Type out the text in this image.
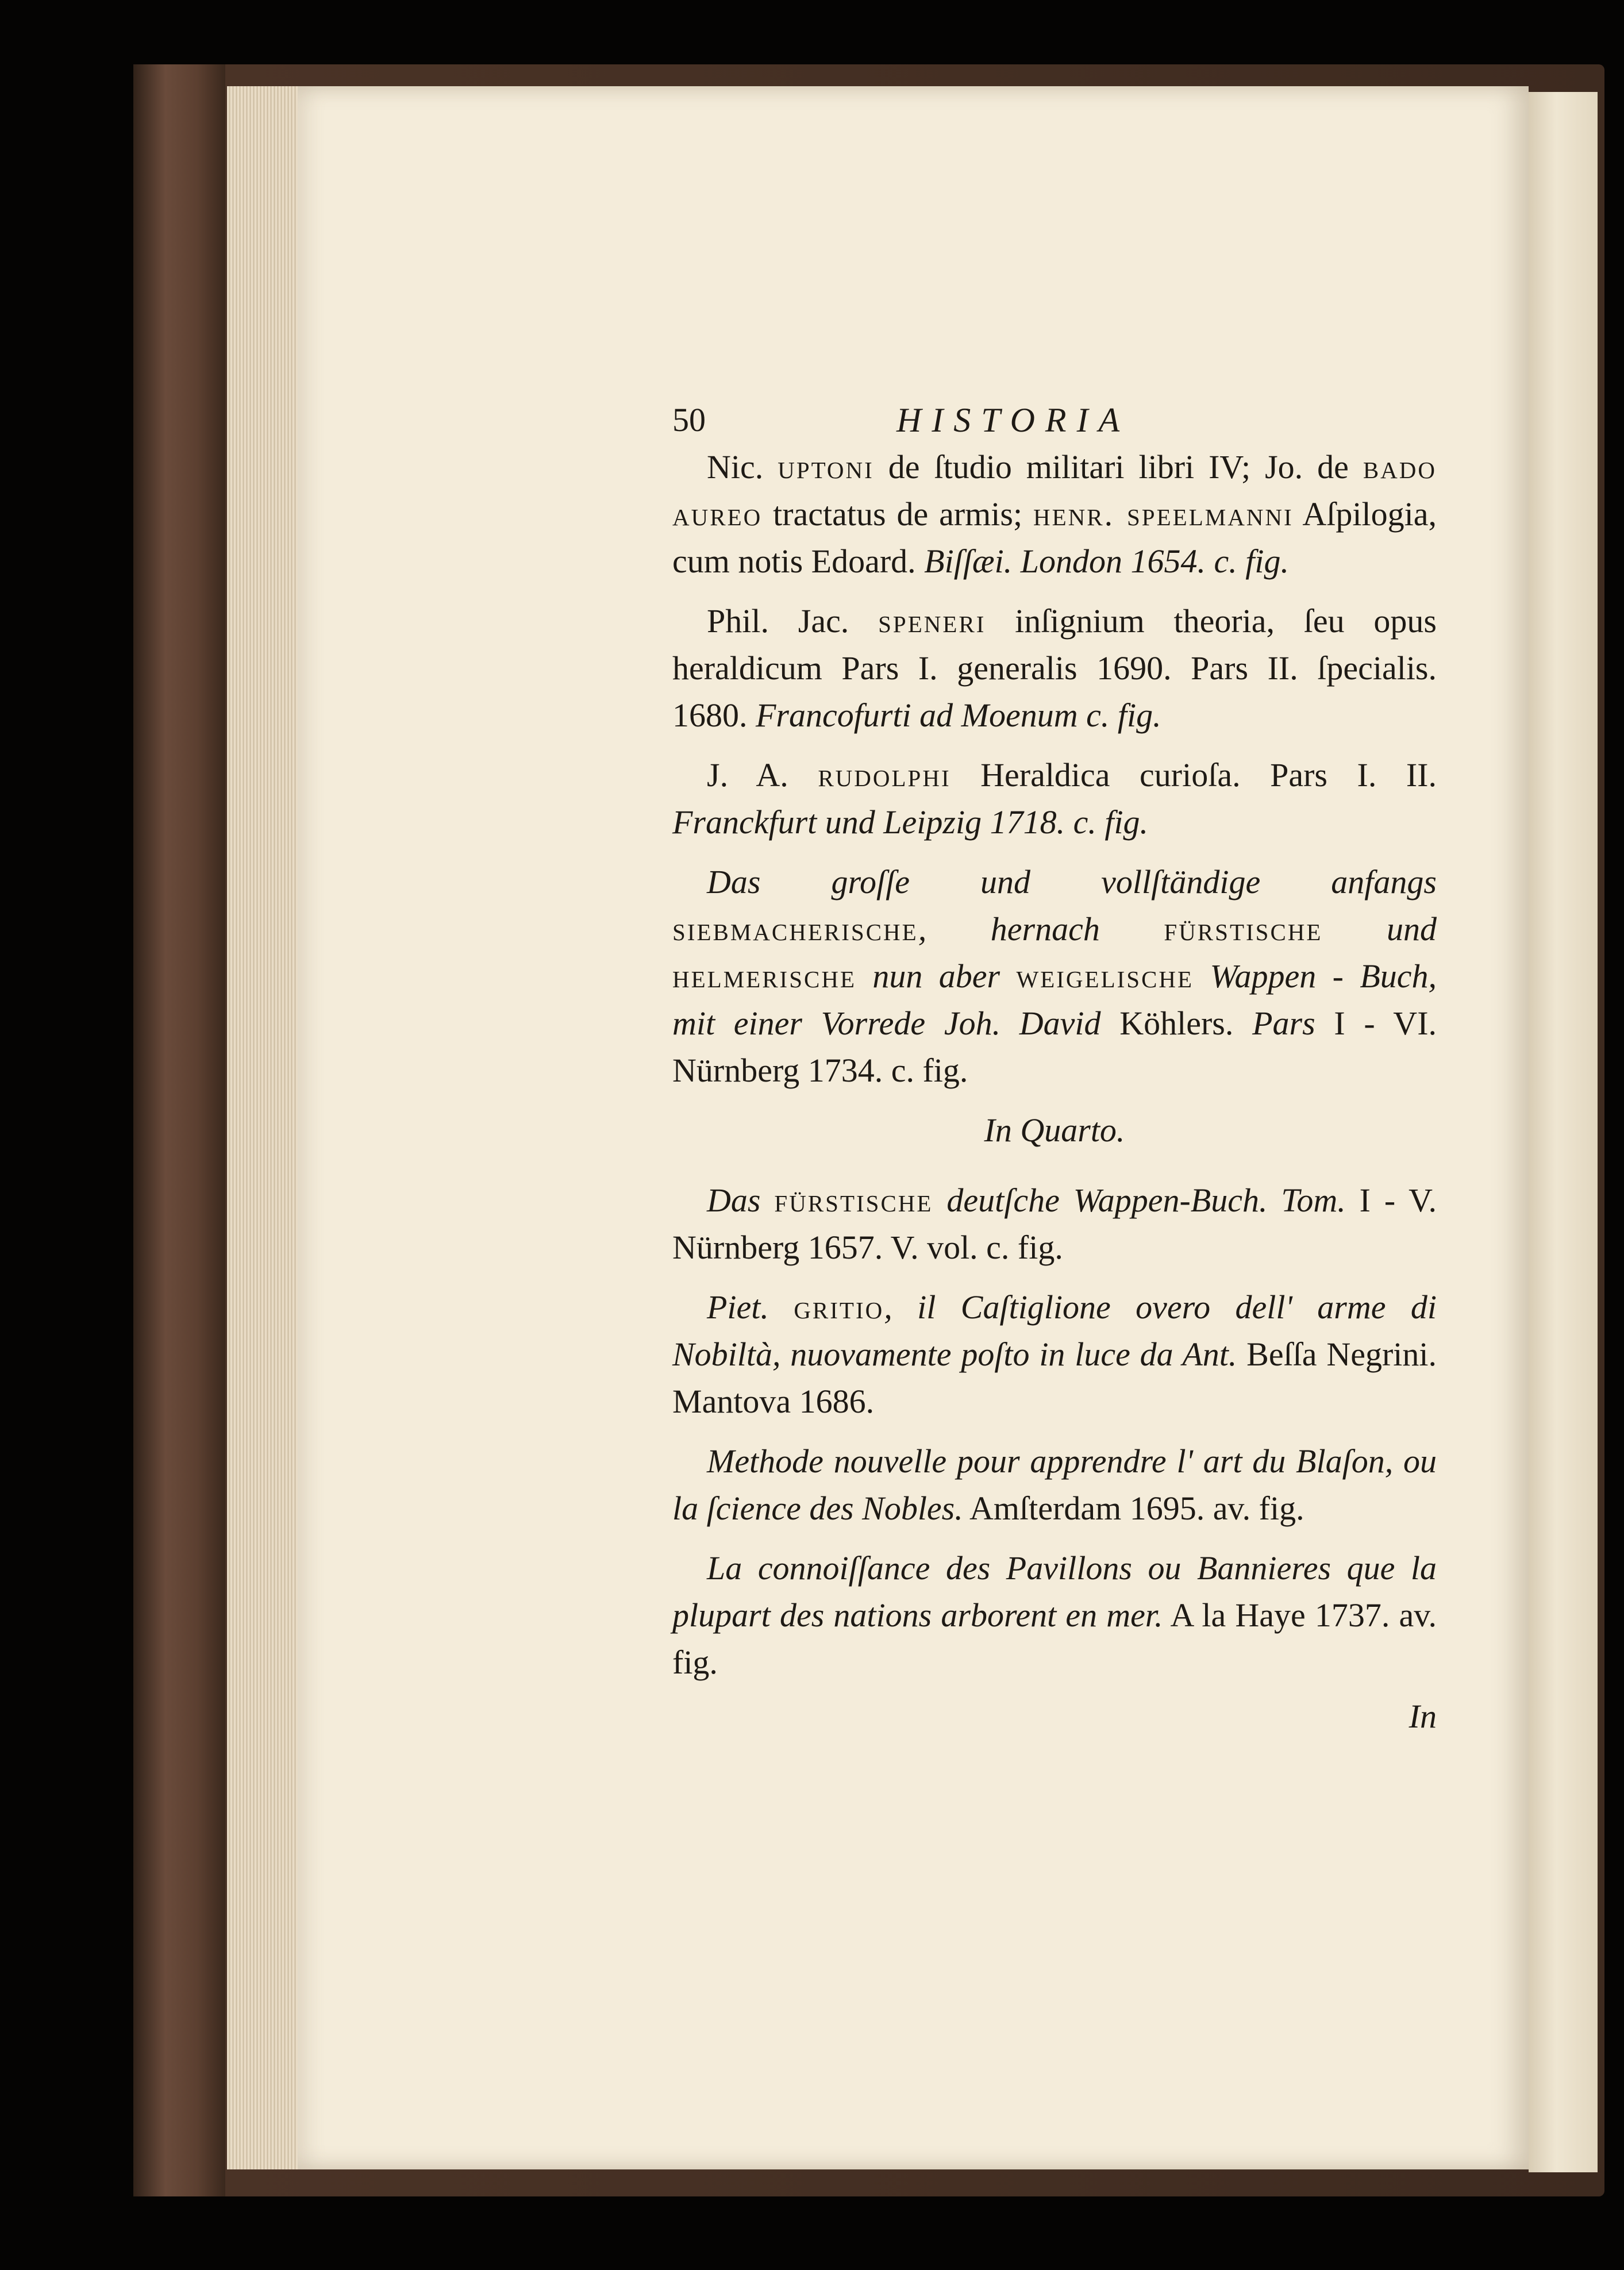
50	HISTORIA

Nic. uptoni de ſtudio militari libri IV; Jo. de bado aureo tractatus de armis; henr. speelmanni Aſpilogia, cum notis Edoard. Biſſæi. London 1654. c. fig.

Phil. Jac. speneri inſignium theoria, ſeu opus heraldicum Pars I. generalis 1690. Pars II. ſpecialis. 1680. Francofurti ad Moenum c. fig.

J. A. rudolphi Heraldica curioſa. Pars I. II. Franckfurt und Leipzig 1718. c. fig.

Das groſſe und vollſtändige anfangs siebmacherische, hernach fürstische und helmerische nun aber weigelische Wappen - Buch, mit einer Vorrede Joh. David Köhlers. Pars I - VI. Nürnberg 1734. c. fig.

In Quarto.

Das fürstische deutſche Wappen-Buch. Tom. I - V. Nürnberg 1657. V. vol. c. fig.

Piet. gritio, il Caſtiglione overo dell' arme di Nobiltà, nuovamente poſto in luce da Ant. Beſſa Negrini. Mantova 1686.

Methode nouvelle pour apprendre l' art du Blaſon, ou la ſcience des Nobles. Amſterdam 1695. av. fig.

La connoiſſance des Pavillons ou Bannieres que la plupart des nations arborent en mer. A la Haye 1737. av. fig.

In
